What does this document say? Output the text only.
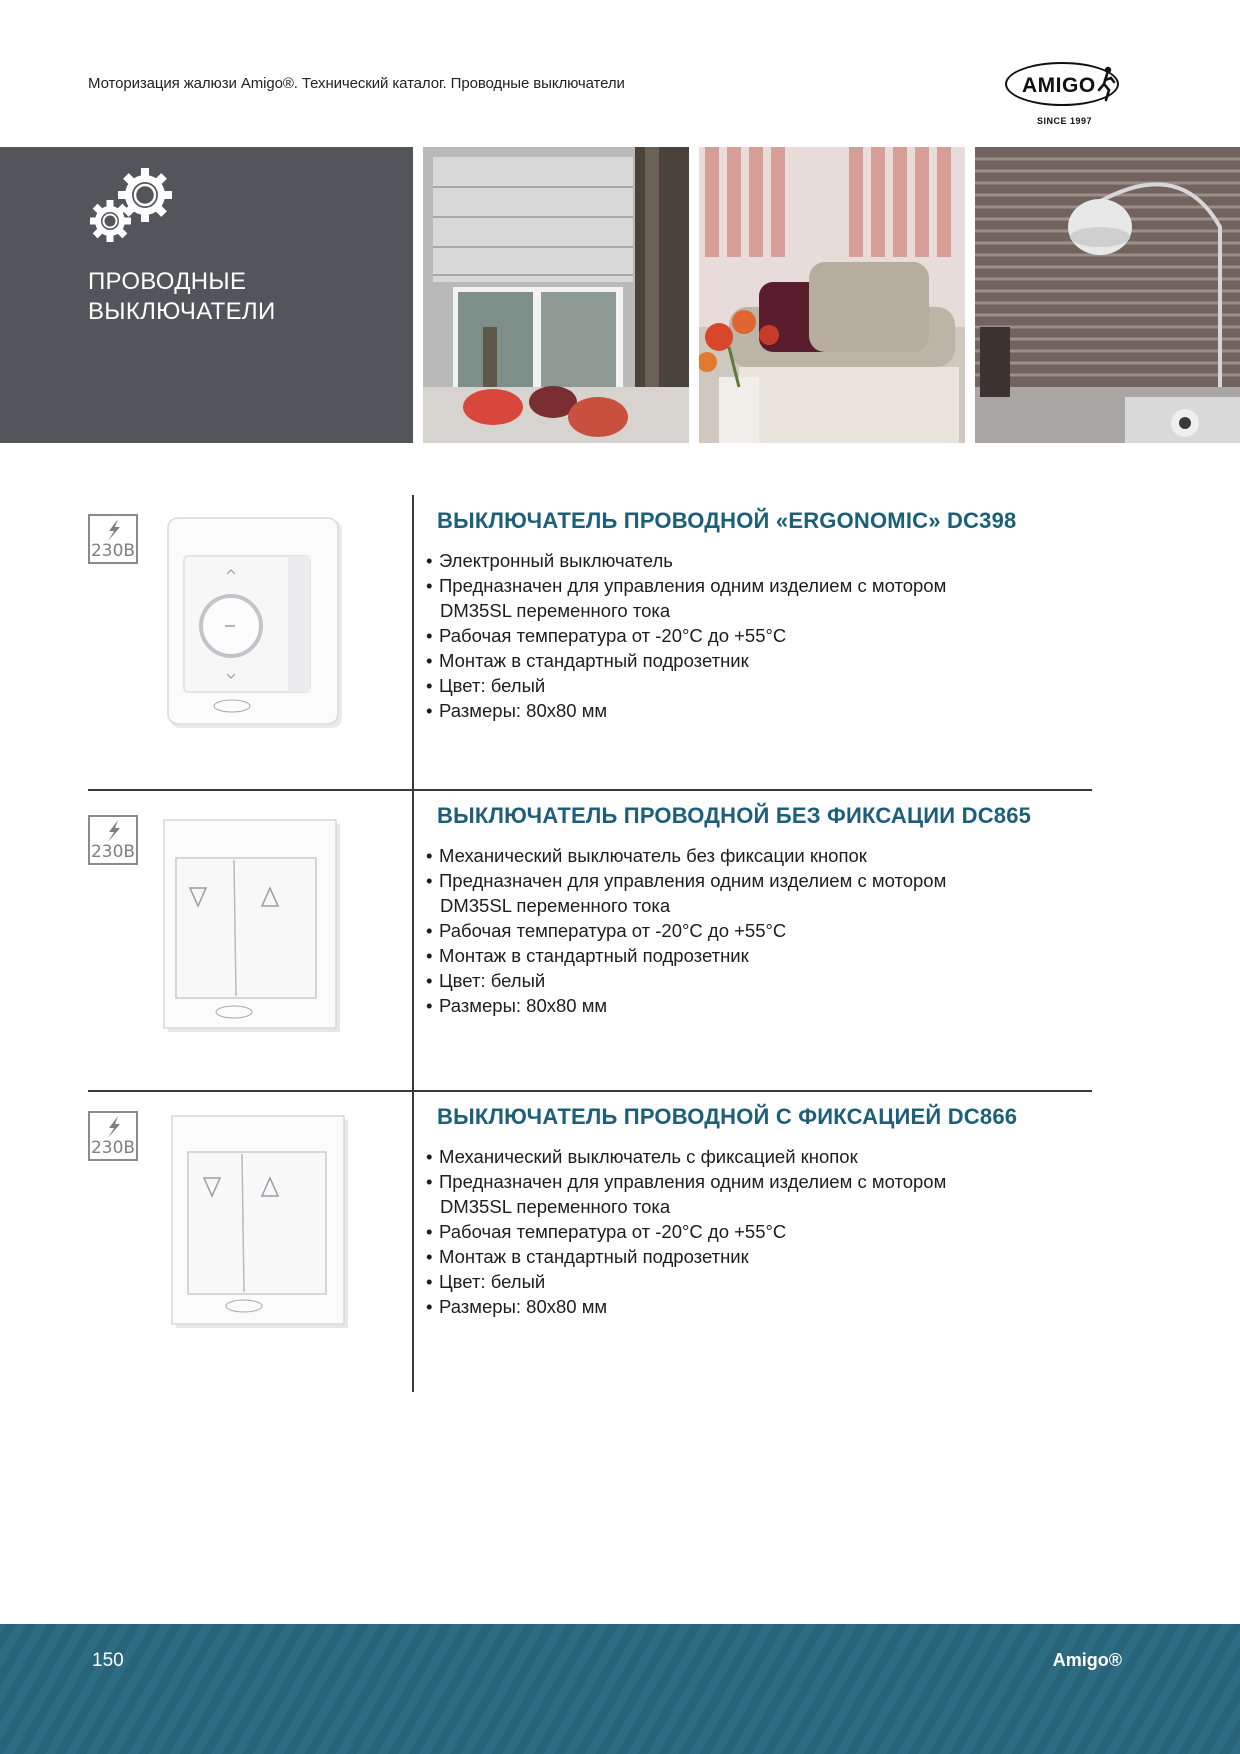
Моторизация жалюзи Amigo®. Технический каталог. Проводные выключатели	AMIGO
SINCE 1997
ПРОВОДНЫЕ
ВЫКЛЮЧАТЕЛИ
230В
ВЫКЛЮЧАТЕЛЬ ПРОВОДНОЙ «ERGONOMIC» DC398
• Электронный выключатель
• Предназначен для управления одним изделием с мотором
DM35SL переменного тока
• Рабочая температура от -20°C до +55°C
• Монтаж в стандартный подрозетник
• Цвет: белый
• Размеры: 80х80 мм
230В
ВЫКЛЮЧАТЕЛЬ ПРОВОДНОЙ БЕЗ ФИКСАЦИИ DC865
• Механический выключатель без фиксации кнопок
• Предназначен для управления одним изделием с мотором
DM35SL переменного тока
• Рабочая температура от -20°C до +55°C
• Монтаж в стандартный подрозетник
• Цвет: белый
• Размеры: 80х80 мм
230В
ВЫКЛЮЧАТЕЛЬ ПРОВОДНОЙ С ФИКСАЦИЕЙ DC866
• Механический выключатель с фиксацией кнопок
• Предназначен для управления одним изделием с мотором
DM35SL переменного тока
• Рабочая температура от -20°C до +55°C
• Монтаж в стандартный подрозетник
• Цвет: белый
• Размеры: 80х80 мм
150	Amigo®
